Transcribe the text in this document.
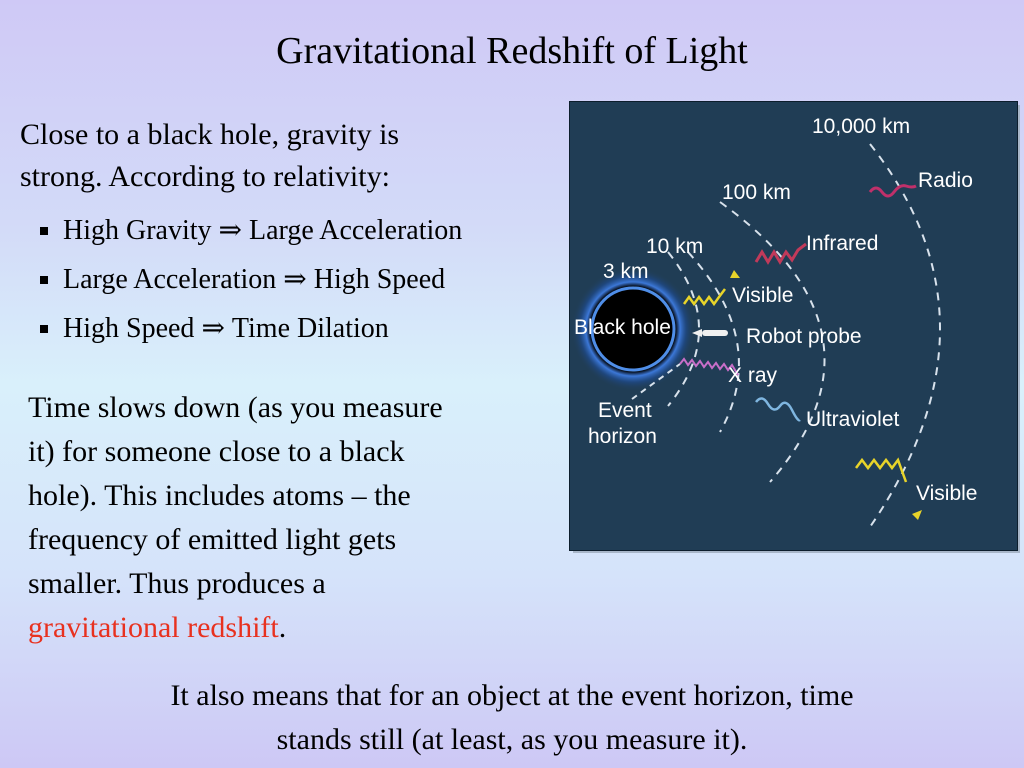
Gravitational Redshift of Light
Close to a black hole, gravity is
strong. According to relativity:
High Gravity
⇒
Large Acceleration
Large Acceleration
⇒
High Speed
High Speed
⇒
Time Dilation
Time slows down (as you measure
it) for someone close to a black
hole). This includes atoms – the
frequency of emitted light gets
smaller. Thus produces a
gravitational redshift.
10,000 km
100 km
10 km
3 km
Black hole
Event
horizon
Radio
Infrared
Visible
Robot probe
X ray
Ultraviolet
Visible
It also means that for an object at the event horizon, time
stands still (at least, as you measure it).
